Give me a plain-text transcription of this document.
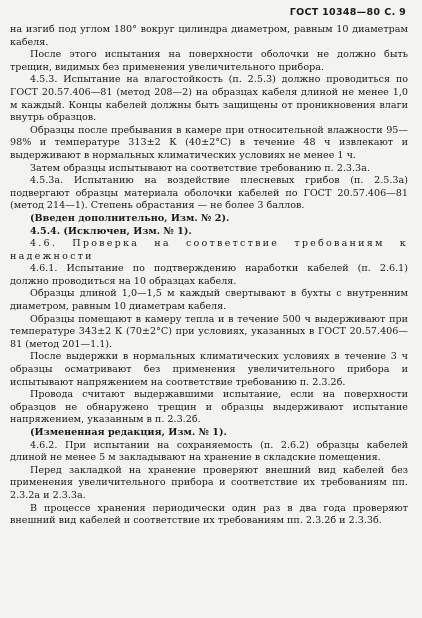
ГОСТ 10348—80 С. 9

на изгиб под углом 180° вокруг цилиндра диаметром, равным 10 диаметрам кабеля.

После этого испытания на поверхности оболочки не должно быть трещин, видимых без применения увеличительного прибора.

4.5.3. Испытание на влагостойкость (п. 2.5.3) должно проводиться по ГОСТ 20.57.406—81 (метод 208—2) на образцах кабеля длиной не менее 1,0 м каждый. Концы кабелей должны быть защищены от проникновения влаги внутрь образцов.

Образцы после пребывания в камере при относительной влажности 95—98% и температуре 313±2 К (40±2°С) в течение 48 ч извлекают и выдерживают в нормальных климатических условиях не менее 1 ч.

Затем образцы испытывают на соответствие требованию п. 2.3.3а.

4.5.3а. Испытанию на воздействие плесневых грибов (п. 2.5.3а) подвергают образцы материала оболочки кабелей по ГОСТ 20.57.406—81 (метод 214—1). Степень обрастания — не более 3 баллов.

(Введен дополнительно, Изм. № 2).

4.5.4. (Исключен, Изм. № 1).

4.6. Проверка на соответствие требованиям к надежности

4.6.1. Испытание по подтверждению наработки кабелей (п. 2.6.1) должно проводиться на 10 образцах кабеля.

Образцы длиной 1,0—1,5 м каждый свертывают в бухты с внутренним диаметром, равным 10 диаметрам кабеля.

Образцы помещают в камеру тепла и в течение 500 ч выдерживают при температуре 343±2 К (70±2°С) при условиях, указанных в ГОСТ 20.57.406—81 (метод 201—1.1).

После выдержки в нормальных климатических условиях в течение 3 ч образцы осматривают без применения увеличительного прибора и испытывают напряжением на соответствие требованию п. 2.3.2б.

Провода считают выдержавшими испытание, если на поверхности образцов не обнаружено трещин и образцы выдерживают испытание напряжением, указанным в п. 2.3.2б.

(Измененная редакция, Изм. № 1).

4.6.2. При испытании на сохраняемость (п. 2.6.2) образцы кабелей длиной не менее 5 м закладывают на хранение в складские помещения.

Перед закладкой на хранение проверяют внешний вид кабелей без применения увеличительного прибора и соответствие их требованиям пп. 2.3.2а и 2.3.3а.

В процессе хранения периодически один раз в два года проверяют внешний вид кабелей и соответствие их требованиям пп. 2.3.2б и 2.3.3б.
